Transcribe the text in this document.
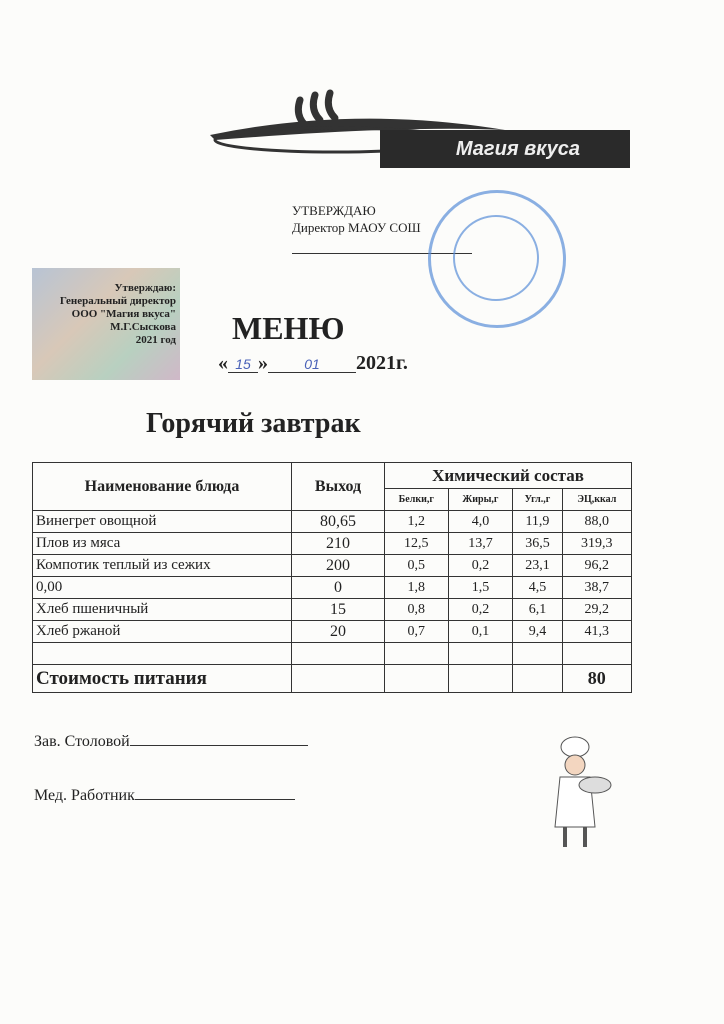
Магия вкуса
УТВЕРЖДАЮ
Директор МАОУ СОШ
Утверждаю:
Генеральный директор
ООО "Магия вкуса"
М.Г.Сыскова
2021 год МЕНЮ
« 15 »	01 2021г.
Горячий завтрак
Наименование блюда	Выход	Химический состав			
		Белки,г	Жиры,г	Угл.,г	ЭЦ,ккал
Винегрет овощной	80,65	1,2	4,0	11,9	88,0
Плов из мяса	210	12,5	13,7	36,5	319,3
Компотик теплый из сежих	200	0,5	0,2	23,1	96,2
0,00	0	1,8	1,5	4,5	38,7
Хлеб пшеничный	15	0,8	0,2	6,1	29,2
Хлеб ржаной	20	0,7	0,1	9,4	41,3

Стоимость питания					80
Зав. Столовой
Мед. Работник
